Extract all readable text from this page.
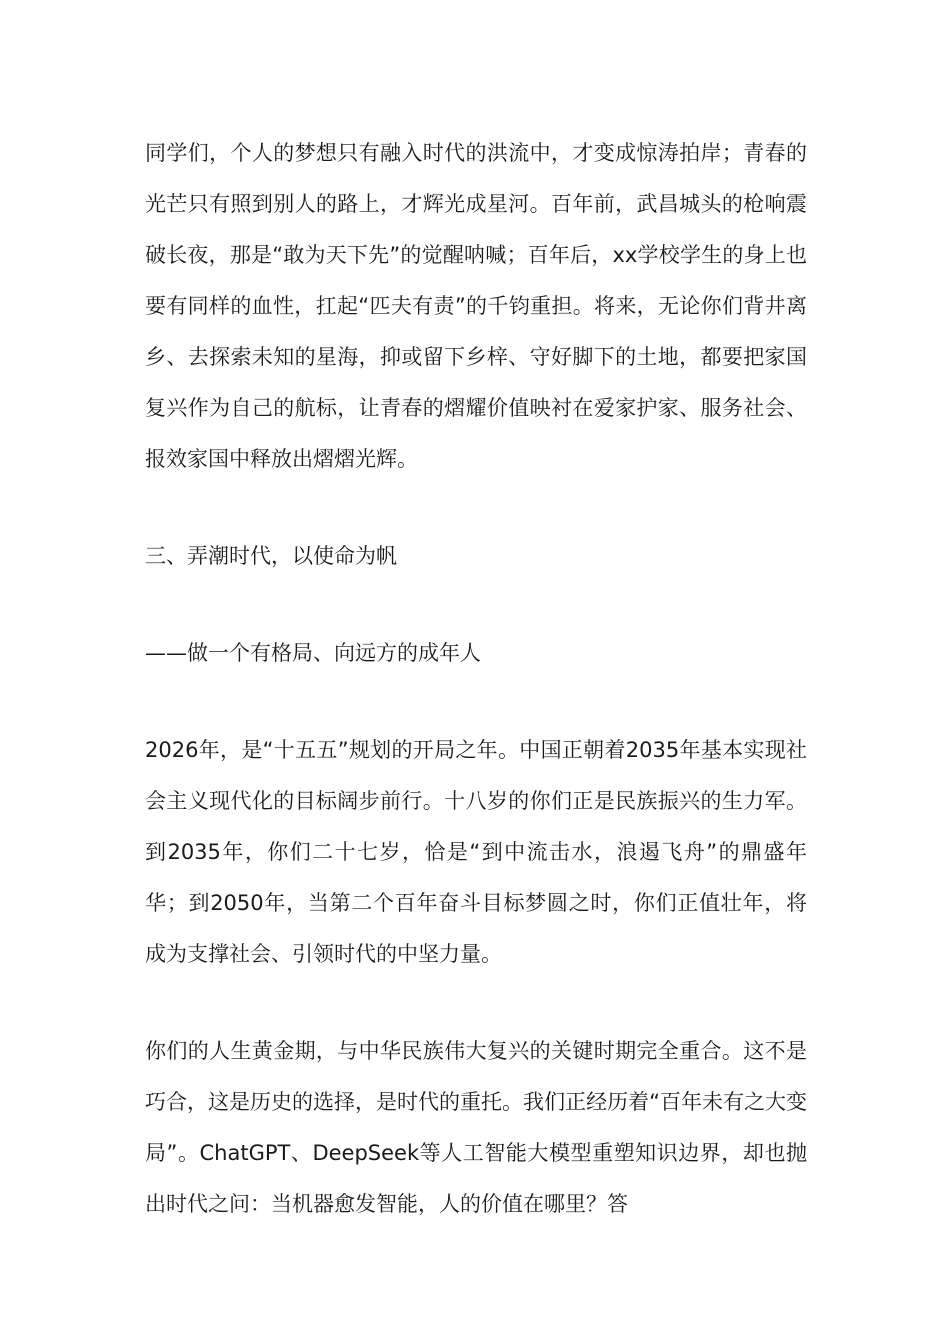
同学们，个人的梦想只有融入时代的洪流中，才变成惊涛拍岸；青春的光芒只有照到别人的路上，才辉光成星河。百年前，武昌城头的枪响震破长夜，那是“敢为天下先”的觉醒呐喊；百年后，xx学校学生的身上也要有同样的血性，扛起“匹夫有责”的千钧重担。将来，无论你们背井离乡、去探索未知的星海，抑或留下乡梓、守好脚下的土地，都要把家国复兴作为自己的航标，让青春的熠耀价值映衬在爱家护家、服务社会、报效家国中释放出熠熠光辉。

三、弄潮时代，以使命为帆

——做一个有格局、向远方的成年人

2026年，是“十五五”规划的开局之年。中国正朝着2035年基本实现社会主义现代化的目标阔步前行。十八岁的你们正是民族振兴的生力军。到2035年，你们二十七岁，恰是“到中流击水，浪遏飞舟”的鼎盛年华；到2050年，当第二个百年奋斗目标梦圆之时，你们正值壮年，将成为支撑社会、引领时代的中坚力量。

你们的人生黄金期，与中华民族伟大复兴的关键时期完全重合。这不是巧合，这是历史的选择，是时代的重托。我们正经历着“百年未有之大变局”。ChatGPT、DeepSeek等人工智能大模型重塑知识边界，却也抛出时代之问：当机器愈发智能，人的价值在哪里？答
